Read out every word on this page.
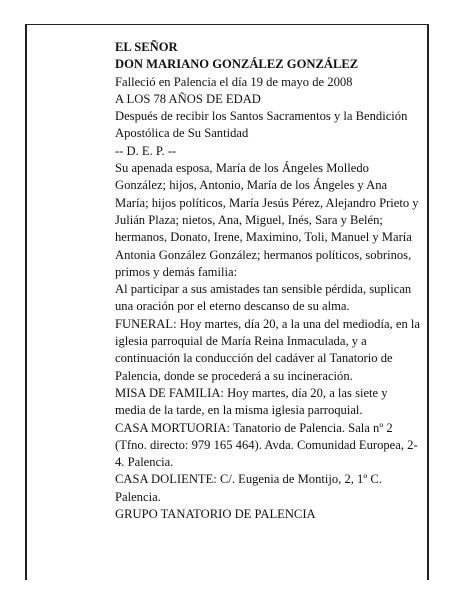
EL SEÑOR

DON MARIANO GONZÁLEZ GONZÁLEZ

Falleció en Palencia el día 19 de mayo de 2008

A LOS 78 AÑOS DE EDAD

Después de recibir los Santos Sacramentos y la Bendición Apostólica de Su Santidad

-- D. E. P. --

Su apenada esposa, María de los Ángeles Molledo González; hijos, Antonio, María de los Ángeles y Ana María; hijos políticos, María Jesús Pérez, Alejandro Prieto y Julián Plaza; nietos, Ana, Miguel, Inés, Sara y Belén; hermanos, Donato, Irene, Maximino, Toli, Manuel y María Antonia González González; hermanos políticos, sobrinos, primos y demás familia:

Al participar a sus amistades tan sensible pérdida, suplican una oración por el eterno descanso de su alma.

FUNERAL: Hoy martes, día 20, a la una del mediodía, en la iglesia parroquial de María Reina Inmaculada, y a continuación la conducción del cadáver al Tanatorio de Palencia, donde se procederá a su incineración.

MISA DE FAMILIA: Hoy martes, día 20, a las siete y media de la tarde, en la misma iglesia parroquial.

CASA MORTUORIA: Tanatorio de Palencia. Sala nº 2 (Tfno. directo: 979 165 464). Avda. Comunidad Europea, 2-4. Palencia.

CASA DOLIENTE: C/. Eugenia de Montijo, 2, 1º C. Palencia.

GRUPO TANATORIO DE PALENCIA
